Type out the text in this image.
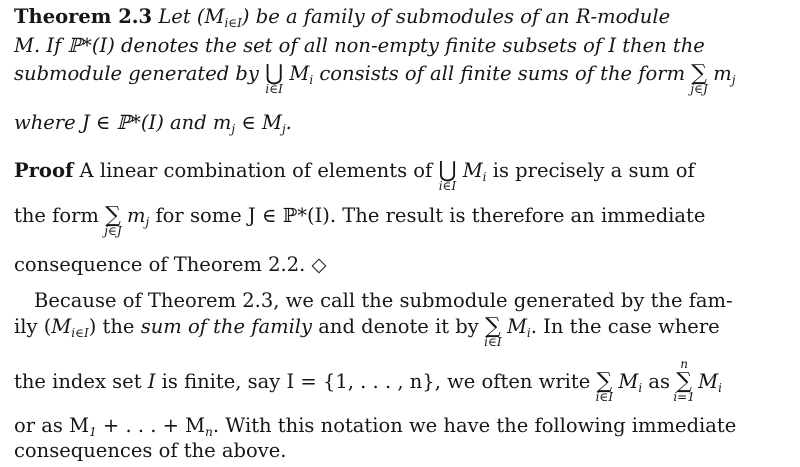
Theorem 2.3 Let $(M_{i\in I})$ be a family of submodules of an R-module
M. If ℙ*(I) denotes the set of all non-empty finite subsets of I then the
submodule generated by ⋃
i∈I
$M_i$ consists of all finite sums of the form ∑
j∈J
$m_j$
where J ∈ ℙ*(I) and $m_j$ ∈ $M_j$.
Proof A linear combination of elements of ⋃
i∈I
$M_i$ is precisely a sum of
the form ∑
j∈J
$m_j$ for some J ∈ ℙ*(I). The result is therefore an immediate
consequence of Theorem 2.2. ◇
Because of Theorem 2.3, we call the submodule generated by the fam-
ily $(M_{i\in I})$ the sum of the family and denote it by ∑
i∈I
$M_i$. In the case where
the index set I is finite, say I = {1, . . . , n}, we often write ∑
i∈I
$M_i$ as
n
∑
i=1
$M_i$
or as $M_1$ + . . . + $M_n$. With this notation we have the following immediate
consequences of the above.
